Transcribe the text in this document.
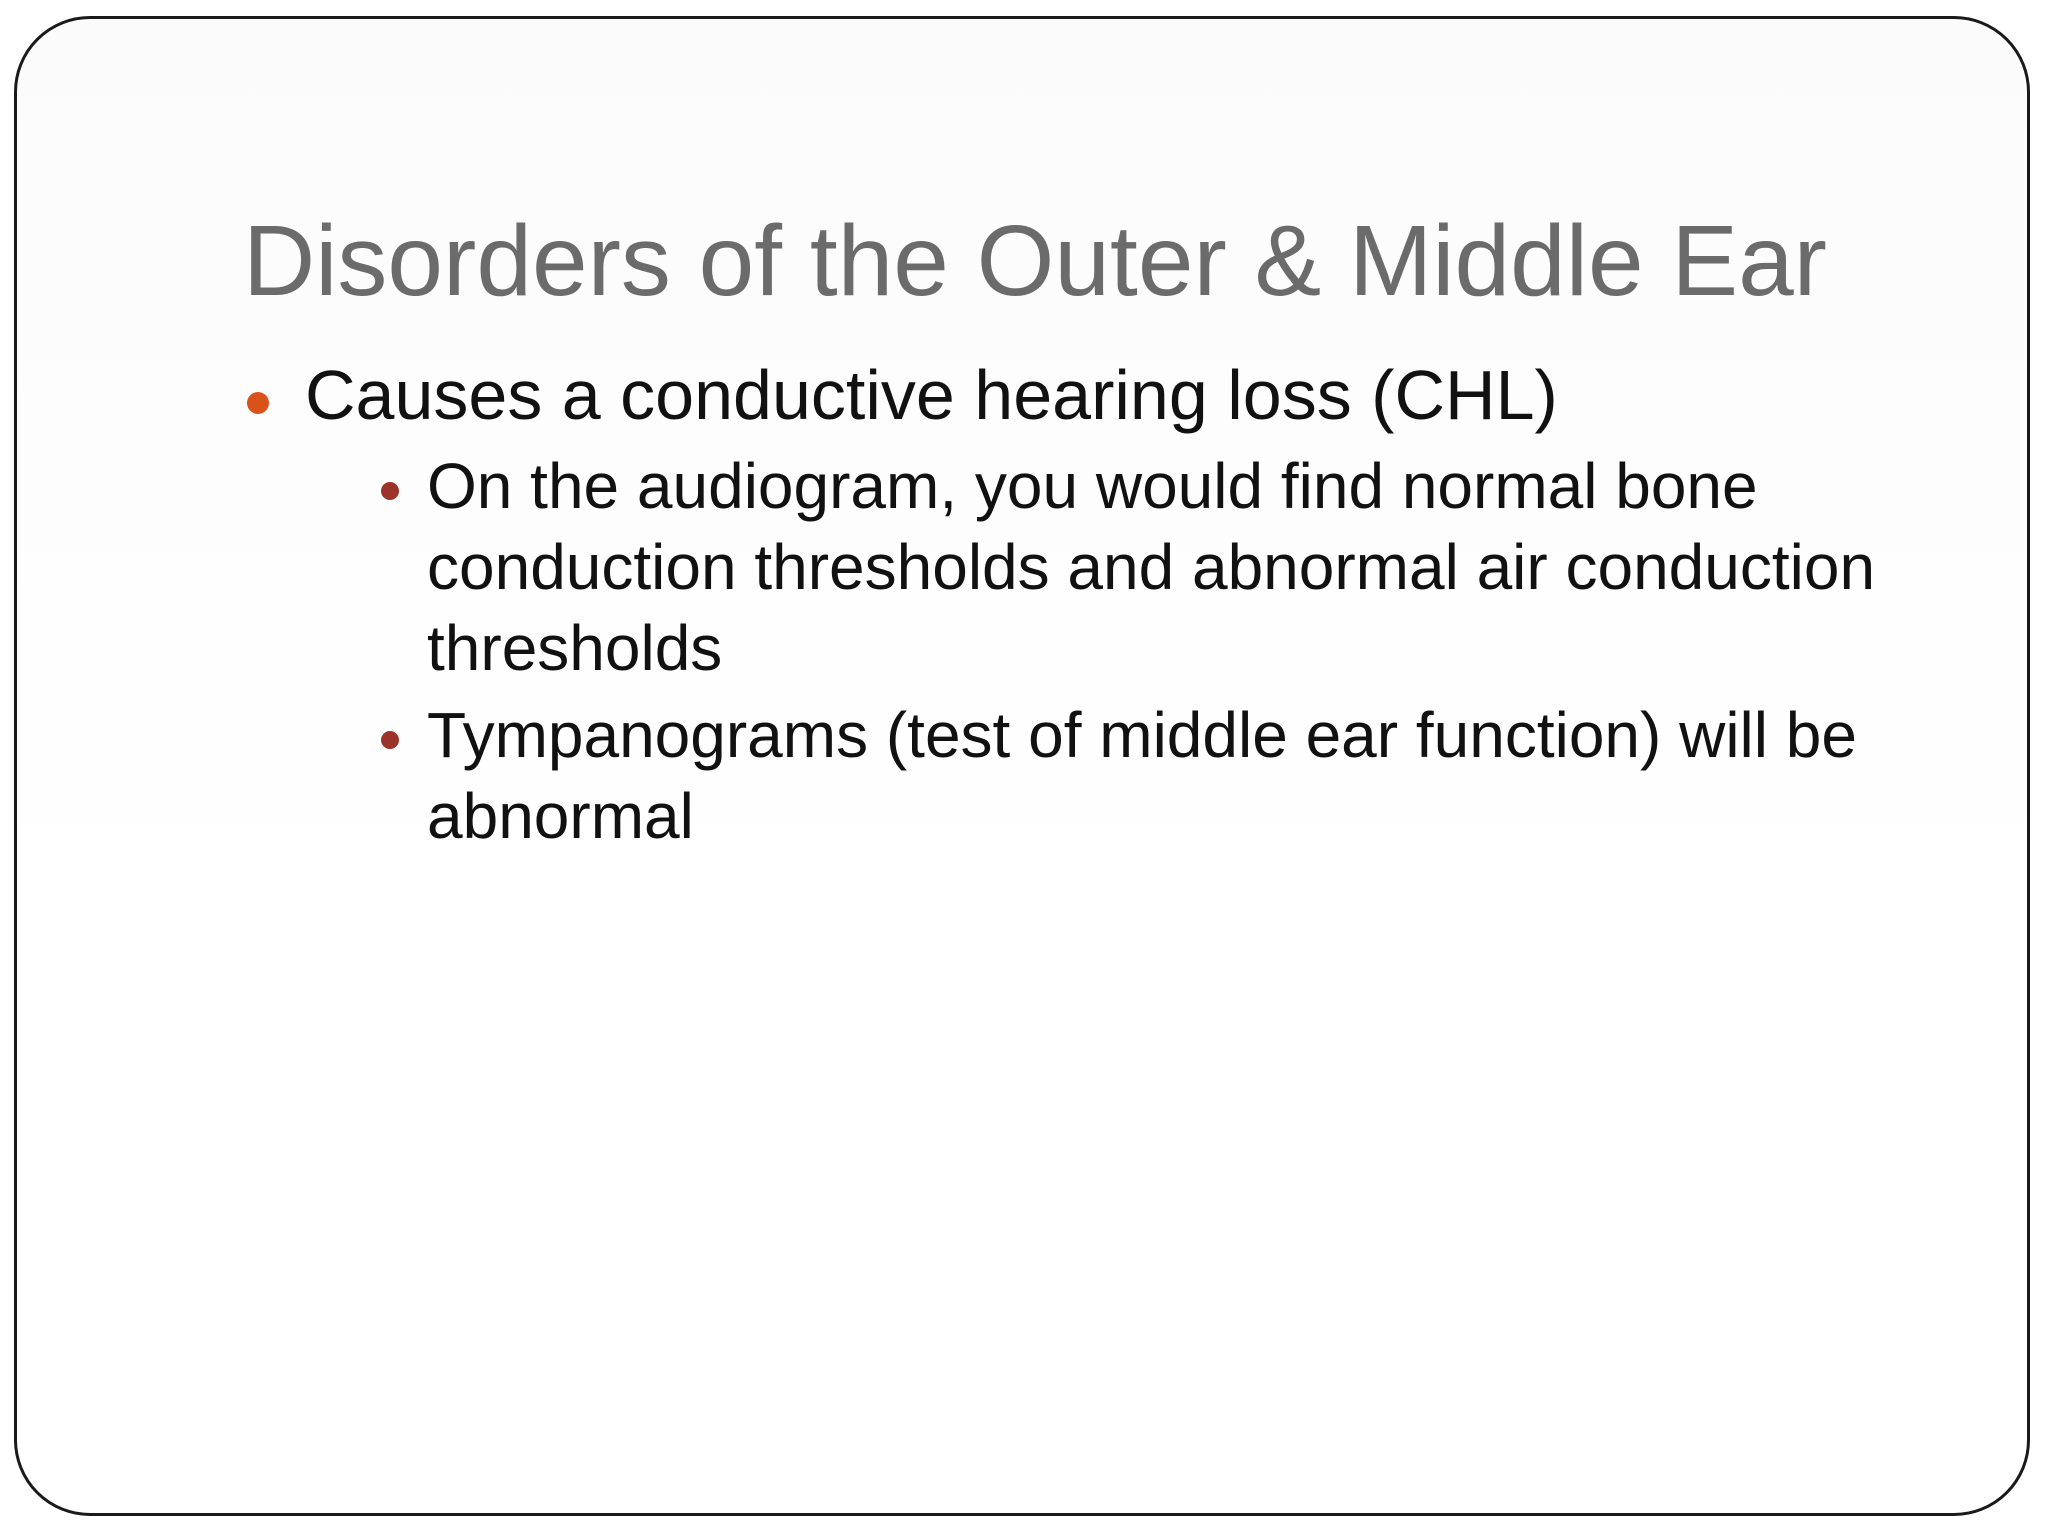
Disorders of the Outer & Middle Ear
Causes a conductive hearing loss (CHL)
On the audiogram, you would find normal bone conduction thresholds and abnormal air conduction thresholds
Tympanograms (test of middle ear function) will be abnormal
